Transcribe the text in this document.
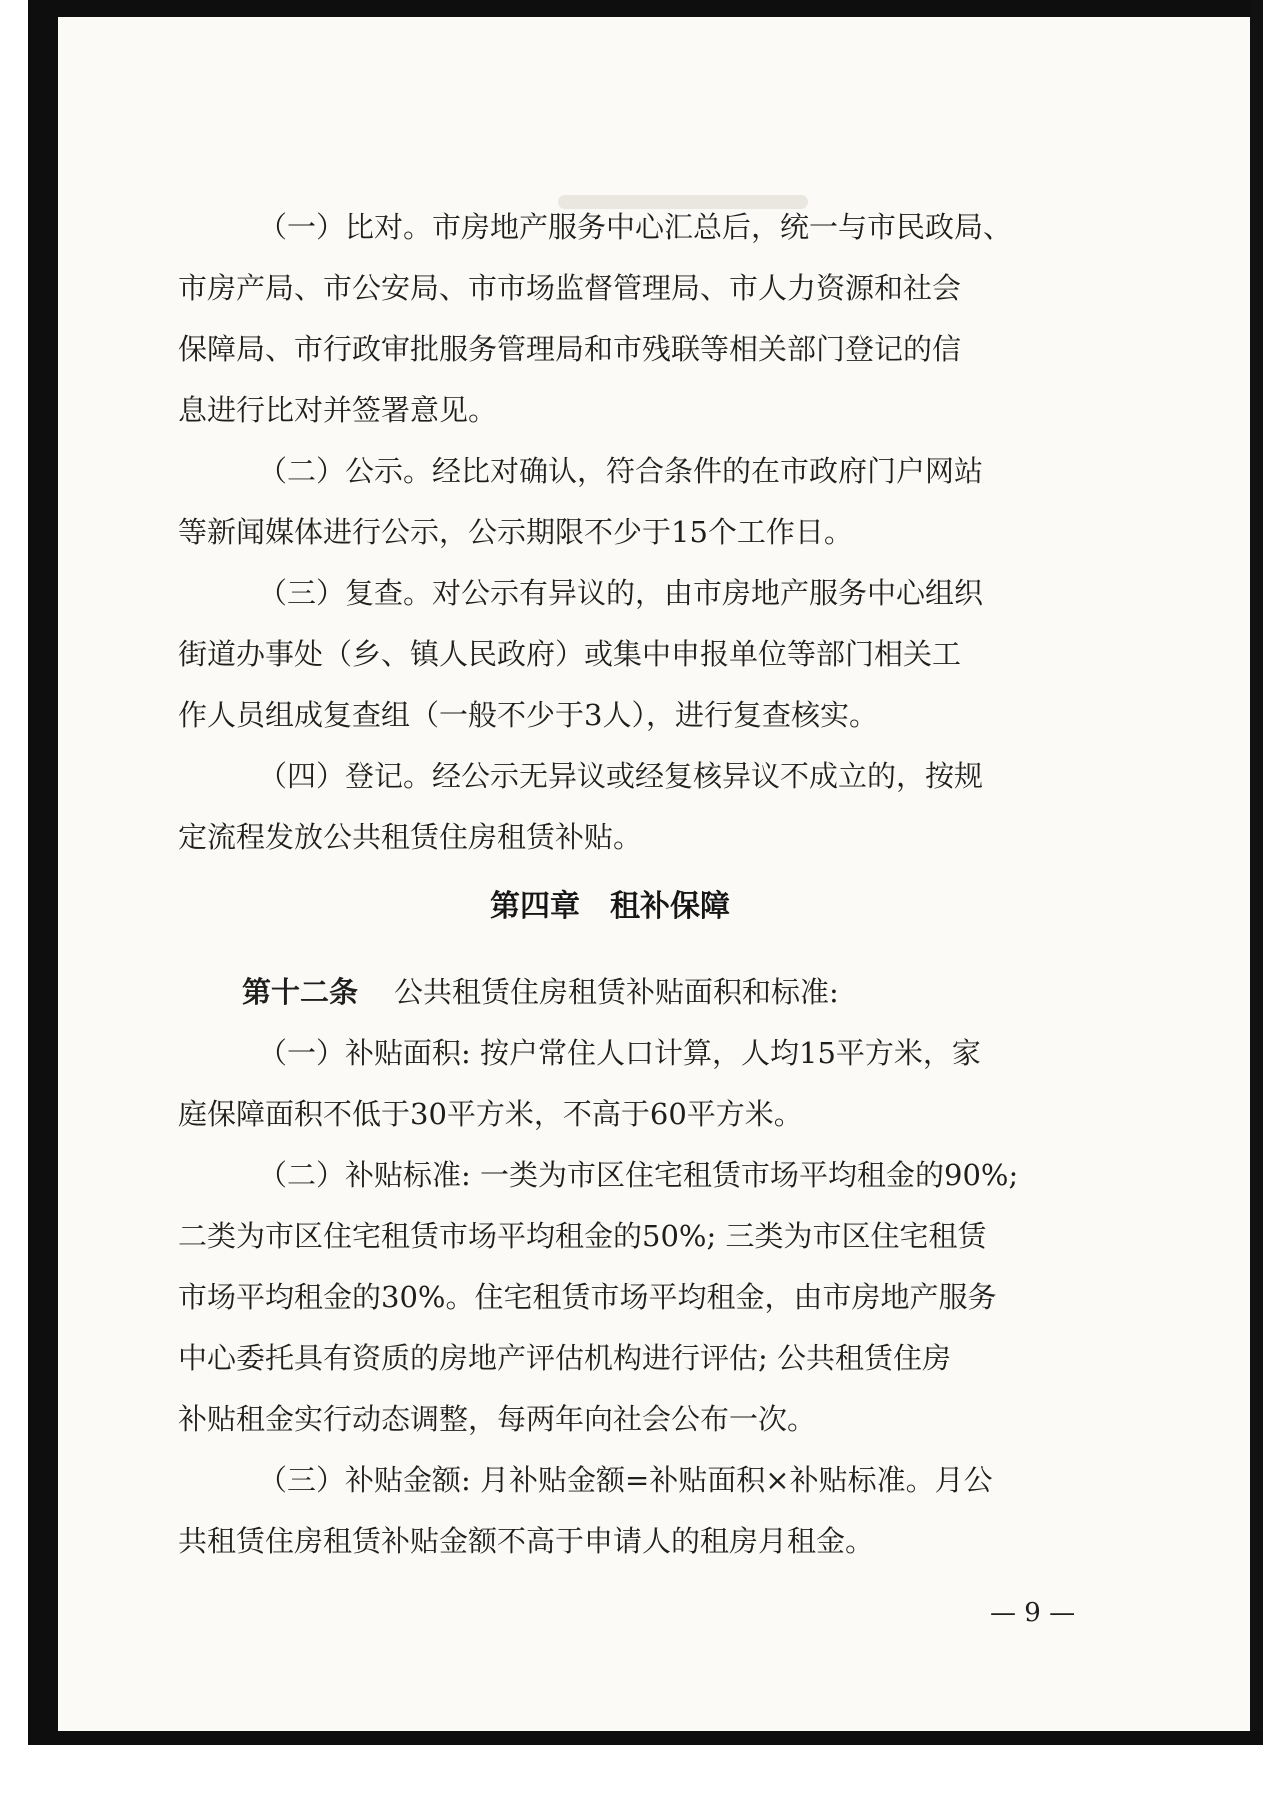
（一）比对。市房地产服务中心汇总后，统一与市民政局、
市房产局、市公安局、市市场监督管理局、市人力资源和社会
保障局、市行政审批服务管理局和市残联等相关部门登记的信
息进行比对并签署意见。
（二）公示。经比对确认，符合条件的在市政府门户网站
等新闻媒体进行公示，公示期限不少于15个工作日。
（三）复查。对公示有异议的，由市房地产服务中心组织
街道办事处（乡、镇人民政府）或集中申报单位等部门相关工
作人员组成复查组（一般不少于3人），进行复查核实。
（四）登记。经公示无异议或经复核异议不成立的，按规
定流程发放公共租赁住房租赁补贴。
第四章　租补保障
第十二条 公共租赁住房租赁补贴面积和标准:
（一）补贴面积: 按户常住人口计算，人均15平方米，家
庭保障面积不低于30平方米，不高于60平方米。
（二）补贴标准: 一类为市区住宅租赁市场平均租金的90%;
二类为市区住宅租赁市场平均租金的50%; 三类为市区住宅租赁
市场平均租金的30%。住宅租赁市场平均租金，由市房地产服务
中心委托具有资质的房地产评估机构进行评估; 公共租赁住房
补贴租金实行动态调整，每两年向社会公布一次。
（三）补贴金额: 月补贴金额=补贴面积×补贴标准。月公
共租赁住房租赁补贴金额不高于申请人的租房月租金。
— 9 —
